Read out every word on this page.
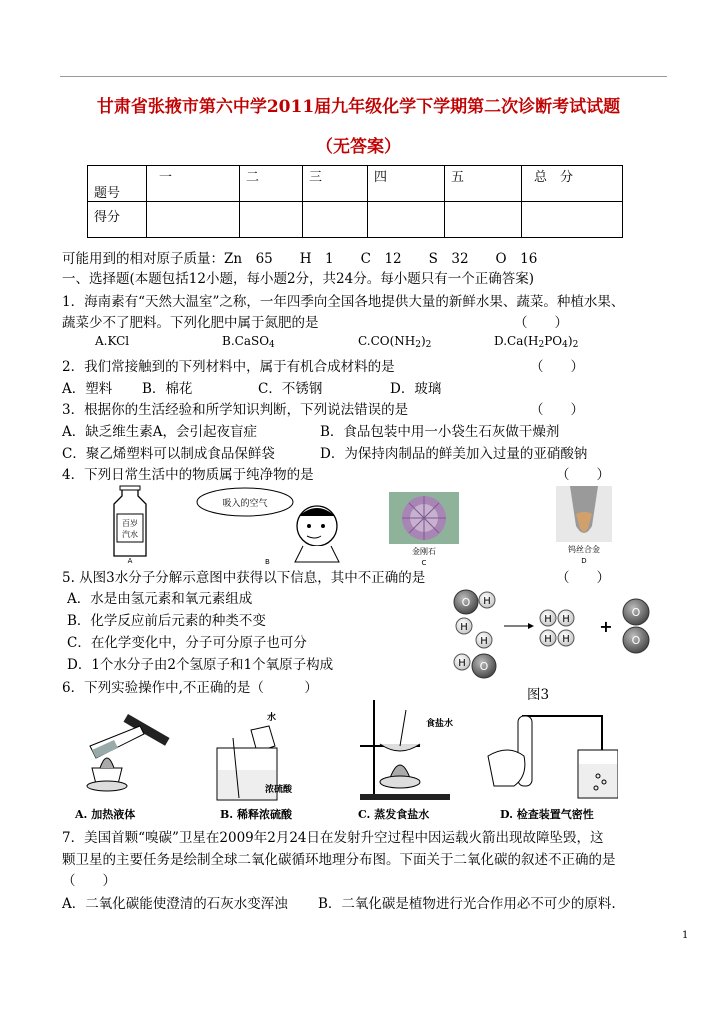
甘肃省张掖市第六中学2011届九年级化学下学期第二次诊断考试试题
（无答案）
题号	一	二	三	四	五	总　分
得分						
可能用到的相对原子质量：Zn　65　　H　1　　C　12　　S　32　　O　16
一、选择题(本题包括12小题，每小题2分，共24分。每小题只有一个正确答案)
1．海南素有“天然大温室”之称，一年四季向全国各地提供大量的新鲜水果、蔬菜。种植水果、
蔬菜少不了肥料。下列化肥中属于氮肥的是	（　　）
A.KCl	B.CaSO$_4$	$C.CO(NH_2)_2$	$D.Ca(H_2PO_4)_2$
2．我们常接触到的下列材料中，属于有机合成材料的是	（　　）
A．塑料 B．棉花	C．不锈钢	D．玻璃
3．根据你的生活经验和所学知识判断，下列说法错误的是	（　　）
A．缺乏维生素A，会引起夜盲症	B．食品包装中用一小袋生石灰做干燥剂
C．聚乙烯塑料可以制成食品保鲜袋	D．为保持肉制品的鲜美加入过量的亚硝酸钠
4．下列日常生活中的物质属于纯净物的是	（　　）
百岁
汽水
A
吸入的空气
B
金刚石
C
钨丝合金
D
5. 从图3水分子分解示意图中获得以下信息，其中不正确的是	（　　）
A．水是由氢元素和氧元素组成
B．化学反应前后元素的种类不变
C．在化学变化中，分子可分原子也可分
D．1个水分子由2个氢原子和1个氧原子构成
O H
H
H
O
H
H H
H H
+
O
O
图3
6．下列实验操作中,不正确的是（　　　）
A. 加热液体
水
浓硫酸
B. 稀释浓硫酸
食盐水
C. 蒸发食盐水	D. 检查装置气密性
7．美国首颗“嗅碳”卫星在2009年2月24日在发射升空过程中因运载火箭出现故障坠毁，这
颗卫星的主要任务是绘制全球二氧化碳循环地理分布图。下面关于二氧化碳的叙述不正确的是
（　　）
A．二氧化碳能使澄清的石灰水变浑浊 B．二氧化碳是植物进行光合作用必不可少的原料.
1
